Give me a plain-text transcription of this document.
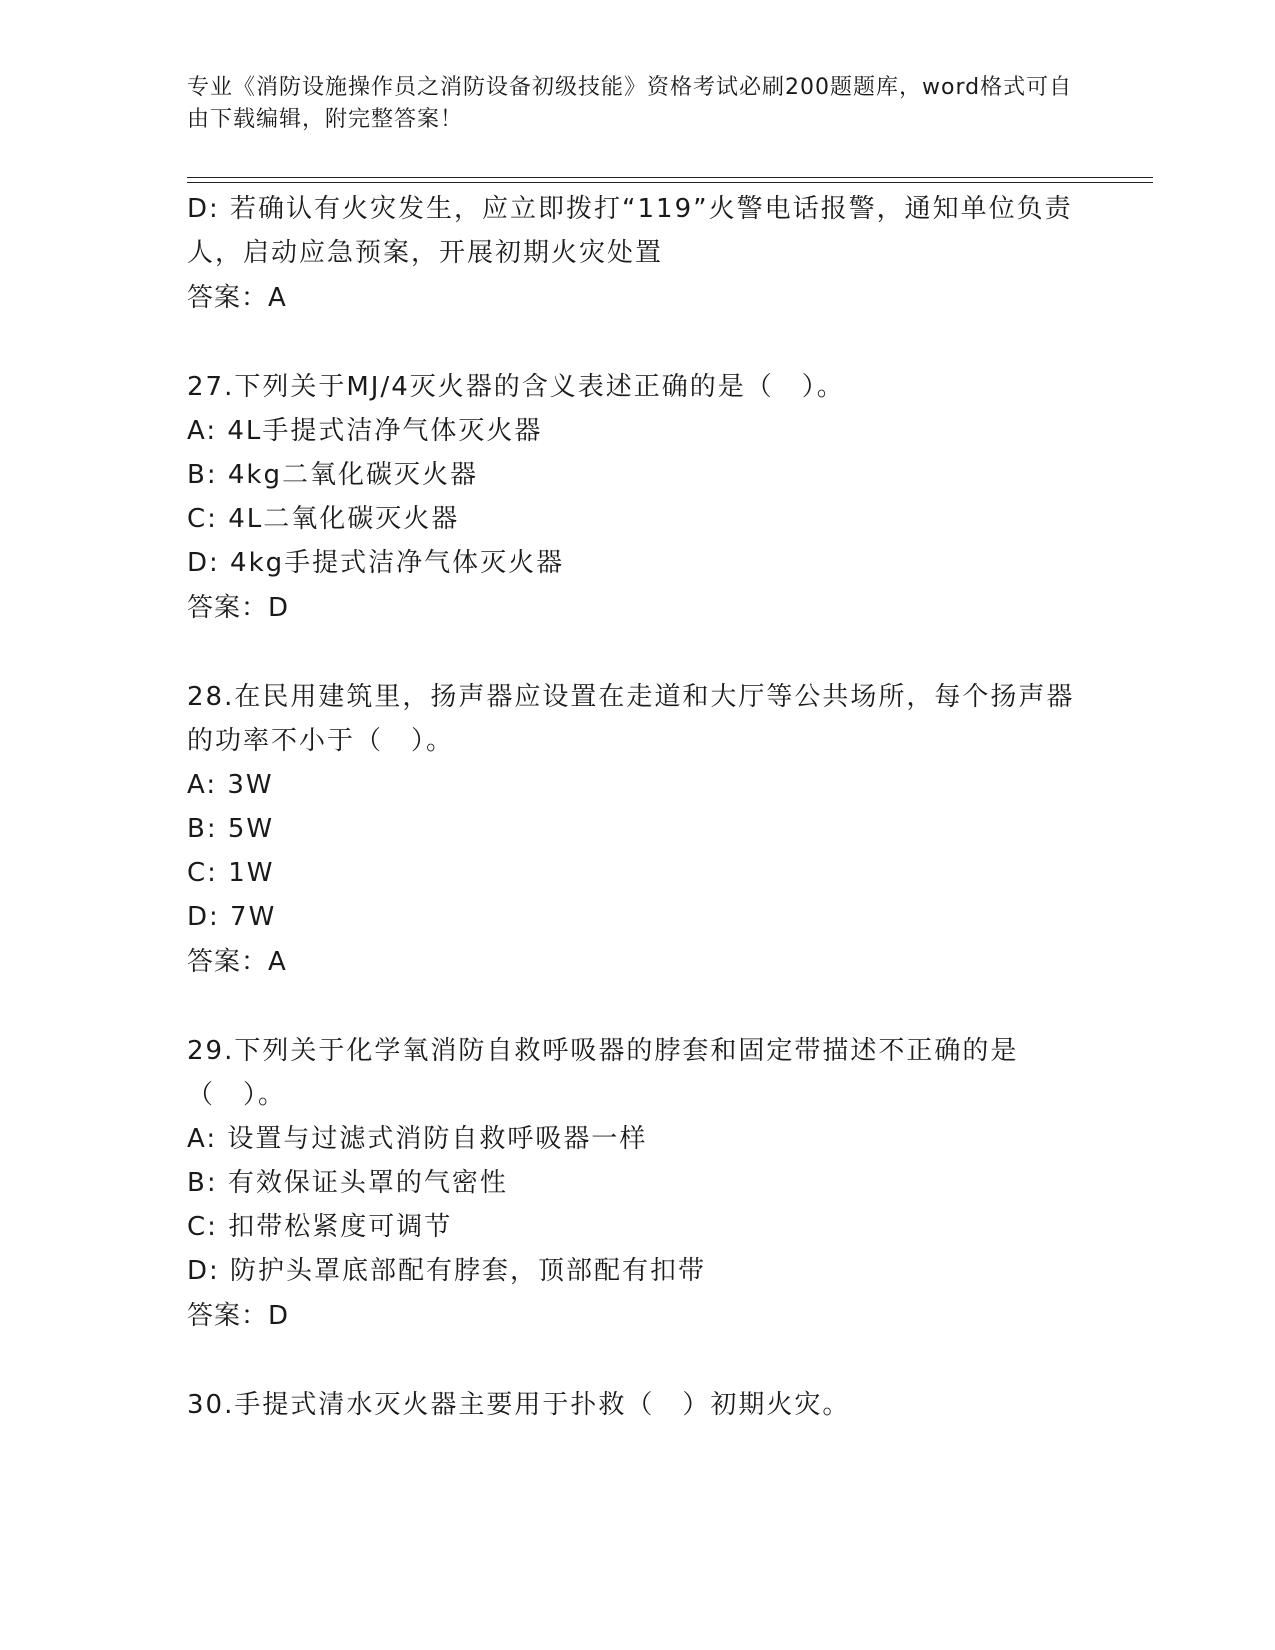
专业《消防设施操作员之消防设备初级技能》资格考试必刷200题题库，word格式可自由下载编辑，附完整答案！
D: 若确认有火灾发生，应立即拨打“119”火警电话报警，通知单位负责人，启动应急预案，开展初期火灾处置
答案：A
27.下列关于MJ/4灭火器的含义表述正确的是（　）。
A: 4L手提式洁净气体灭火器
B: 4kg二氧化碳灭火器
C: 4L二氧化碳灭火器
D: 4kg手提式洁净气体灭火器
答案：D
28.在民用建筑里，扬声器应设置在走道和大厅等公共场所，每个扬声器的功率不小于（　）。
A: 3W
B: 5W
C: 1W
D: 7W
答案：A
29.下列关于化学氧消防自救呼吸器的脖套和固定带描述不正确的是（　）。
A: 设置与过滤式消防自救呼吸器一样
B: 有效保证头罩的气密性
C: 扣带松紧度可调节
D: 防护头罩底部配有脖套，顶部配有扣带
答案：D
30.手提式清水灭火器主要用于扑救（　）初期火灾。
